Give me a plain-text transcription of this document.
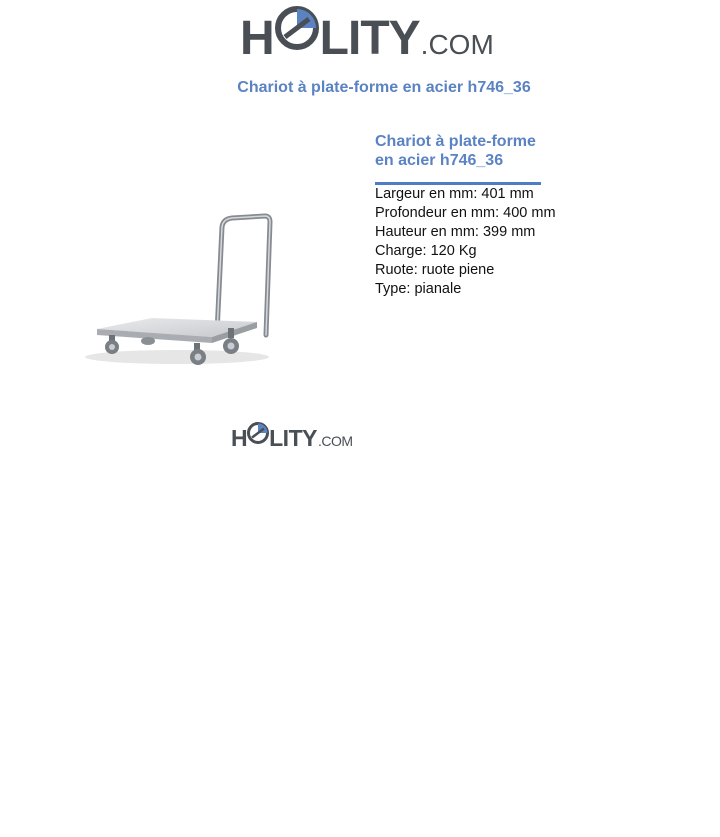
H LITY .COM
Chariot à plate-forme en acier h746_36
Chariot à plate-forme
en acier h746_36
Largeur en mm: 401 mm
Profondeur en mm: 400 mm
Hauteur en mm: 399 mm
Charge: 120 Kg
Ruote: ruote piene
Type: pianale
H LITY .COM
